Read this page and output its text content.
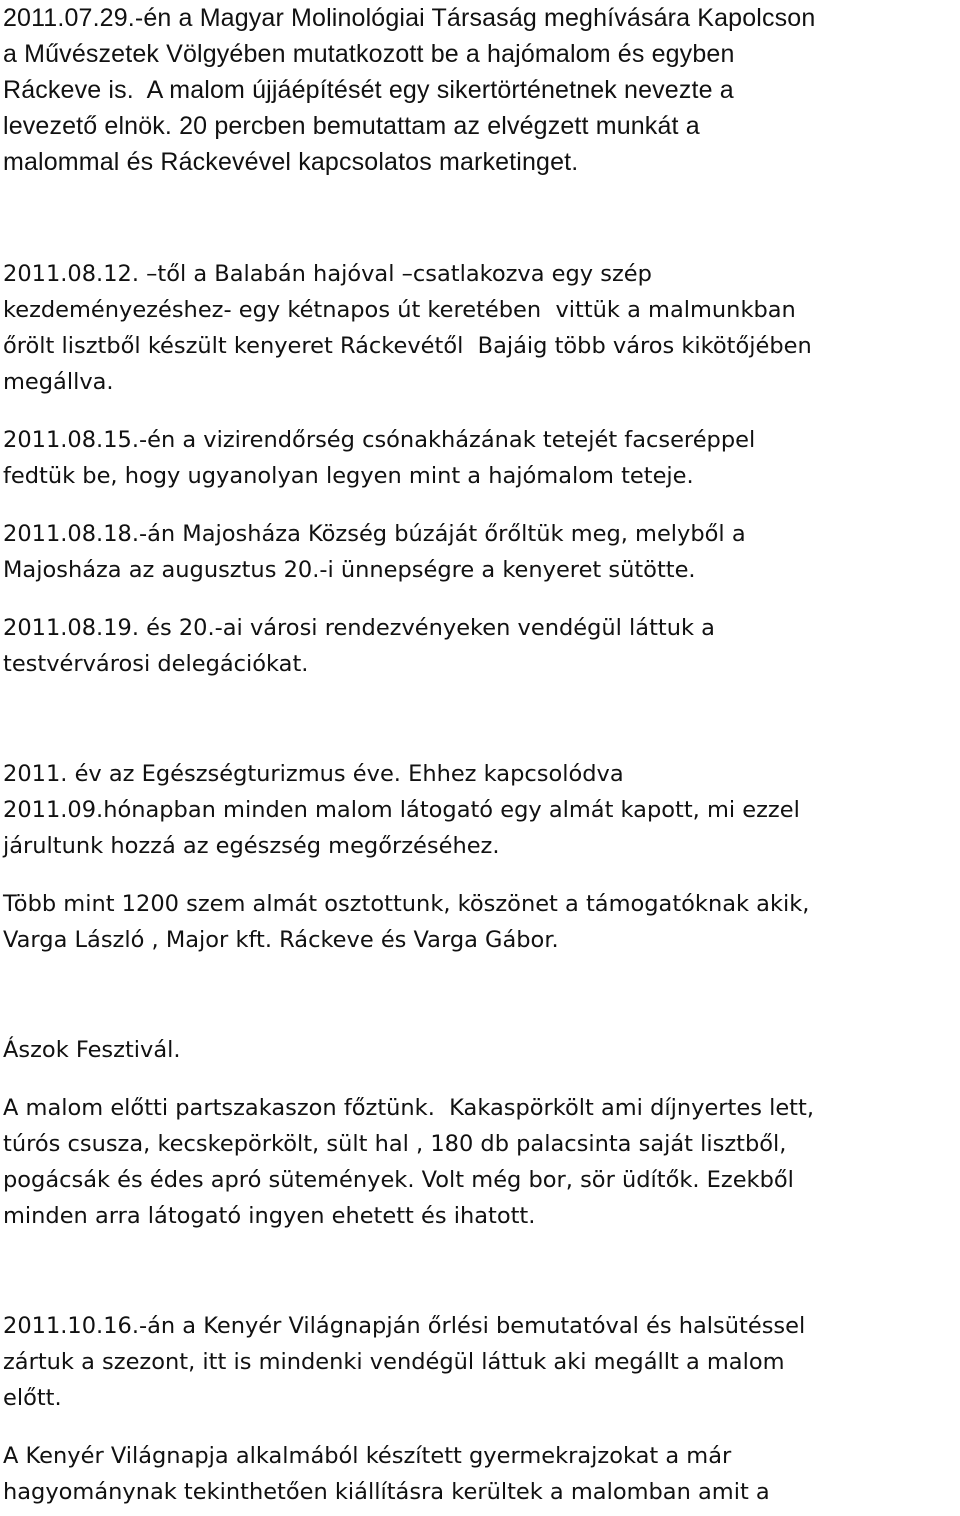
2011.07.29.-én a Magyar Molinológiai Társaság meghívására Kapolcson
a Művészetek Völgyében mutatkozott be a hajómalom és egyben
Ráckeve is.  A malom újjáépítését egy sikertörténetnek nevezte a
levezető elnök. 20 percben bemutattam az elvégzett munkát a
malommal és Ráckevével kapcsolatos marketinget.
2011.08.12. –től a Balabán hajóval –csatlakozva egy szép
kezdeményezéshez- egy kétnapos út keretében  vittük a malmunkban
őrölt lisztből készült kenyeret Ráckevétől  Bajáig több város kikötőjében
megállva.
2011.08.15.-én a vizirendőrség csónakházának tetejét facseréppel
fedtük be, hogy ugyanolyan legyen mint a hajómalom teteje.
2011.08.18.-án Majosháza Község búzáját őrőltük meg, melyből a
Majosháza az augusztus 20.-i ünnepségre a kenyeret sütötte.
2011.08.19. és 20.-ai városi rendezvényeken vendégül láttuk a
testvérvárosi delegációkat.
2011. év az Egészségturizmus éve. Ehhez kapcsolódva
2011.09.hónapban minden malom látogató egy almát kapott, mi ezzel
járultunk hozzá az egészség megőrzéséhez.
Több mint 1200 szem almát osztottunk, köszönet a támogatóknak akik,
Varga László , Major kft. Ráckeve és Varga Gábor.
Ászok Fesztivál.
A malom előtti partszakaszon főztünk.  Kakaspörkölt ami díjnyertes lett,
túrós csusza, kecskepörkölt, sült hal , 180 db palacsinta saját lisztből,
pogácsák és édes apró sütemények. Volt még bor, sör üdítők. Ezekből
minden arra látogató ingyen ehetett és ihatott.
2011.10.16.-án a Kenyér Világnapján őrlési bemutatóval és halsütéssel
zártuk a szezont, itt is mindenki vendégül láttuk aki megállt a malom
előtt.
A Kenyér Világnapja alkalmából készített gyermekrajzokat a már
hagyománynak tekinthetően kiállításra kerültek a malomban amit a
